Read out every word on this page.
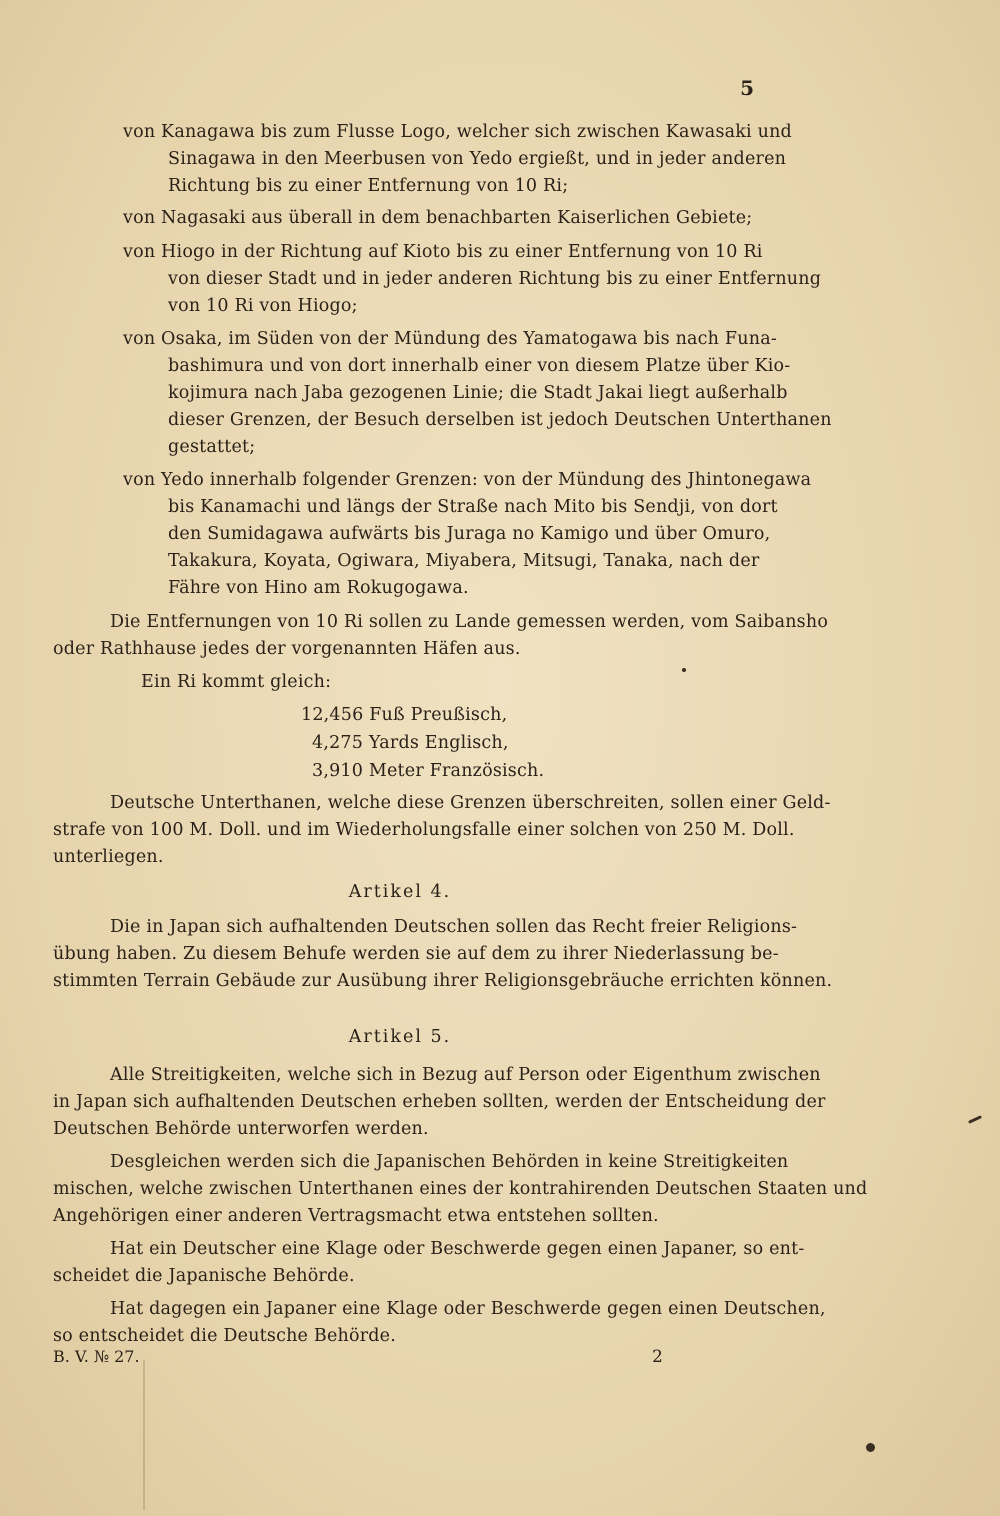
5
von Kanagawa bis zum Flusse Logo, welcher sich zwischen Kawasaki und
Sinagawa in den Meerbusen von Yedo ergießt, und in jeder anderen
Richtung bis zu einer Entfernung von 10 Ri;
von Nagasaki aus überall in dem benachbarten Kaiserlichen Gebiete;
von Hiogo in der Richtung auf Kioto bis zu einer Entfernung von 10 Ri
von dieser Stadt und in jeder anderen Richtung bis zu einer Entfernung
von 10 Ri von Hiogo;
von Osaka, im Süden von der Mündung des Yamatogawa bis nach Funa-
bashimura und von dort innerhalb einer von diesem Platze über Kio-
kojimura nach Jaba gezogenen Linie; die Stadt Jakai liegt außerhalb
dieser Grenzen, der Besuch derselben ist jedoch Deutschen Unterthanen
gestattet;
von Yedo innerhalb folgender Grenzen: von der Mündung des Jhintonegawa
bis Kanamachi und längs der Straße nach Mito bis Sendji, von dort
den Sumidagawa aufwärts bis Juraga no Kamigo und über Omuro,
Takakura, Koyata, Ogiwara, Miyabera, Mitsugi, Tanaka, nach der
Fähre von Hino am Rokugogawa.
Die Entfernungen von 10 Ri sollen zu Lande gemessen werden, vom Saibansho
oder Rathhause jedes der vorgenannten Häfen aus.
Ein Ri kommt gleich:
12,456 Fuß Preußisch,
4,275 Yards Englisch,
3,910 Meter Französisch.
Deutsche Unterthanen, welche diese Grenzen überschreiten, sollen einer Geld-
strafe von 100 M. Doll. und im Wiederholungsfalle einer solchen von 250 M. Doll.
unterliegen.
Artikel 4.
Die in Japan sich aufhaltenden Deutschen sollen das Recht freier Religions-
übung haben. Zu diesem Behufe werden sie auf dem zu ihrer Niederlassung be-
stimmten Terrain Gebäude zur Ausübung ihrer Religionsgebräuche errichten können.
Artikel 5.
Alle Streitigkeiten, welche sich in Bezug auf Person oder Eigenthum zwischen
in Japan sich aufhaltenden Deutschen erheben sollten, werden der Entscheidung der
Deutschen Behörde unterworfen werden.
Desgleichen werden sich die Japanischen Behörden in keine Streitigkeiten
mischen, welche zwischen Unterthanen eines der kontrahirenden Deutschen Staaten und
Angehörigen einer anderen Vertragsmacht etwa entstehen sollten.
Hat ein Deutscher eine Klage oder Beschwerde gegen einen Japaner, so ent-
scheidet die Japanische Behörde.
Hat dagegen ein Japaner eine Klage oder Beschwerde gegen einen Deutschen,
so entscheidet die Deutsche Behörde.
B. V. № 27.	2
